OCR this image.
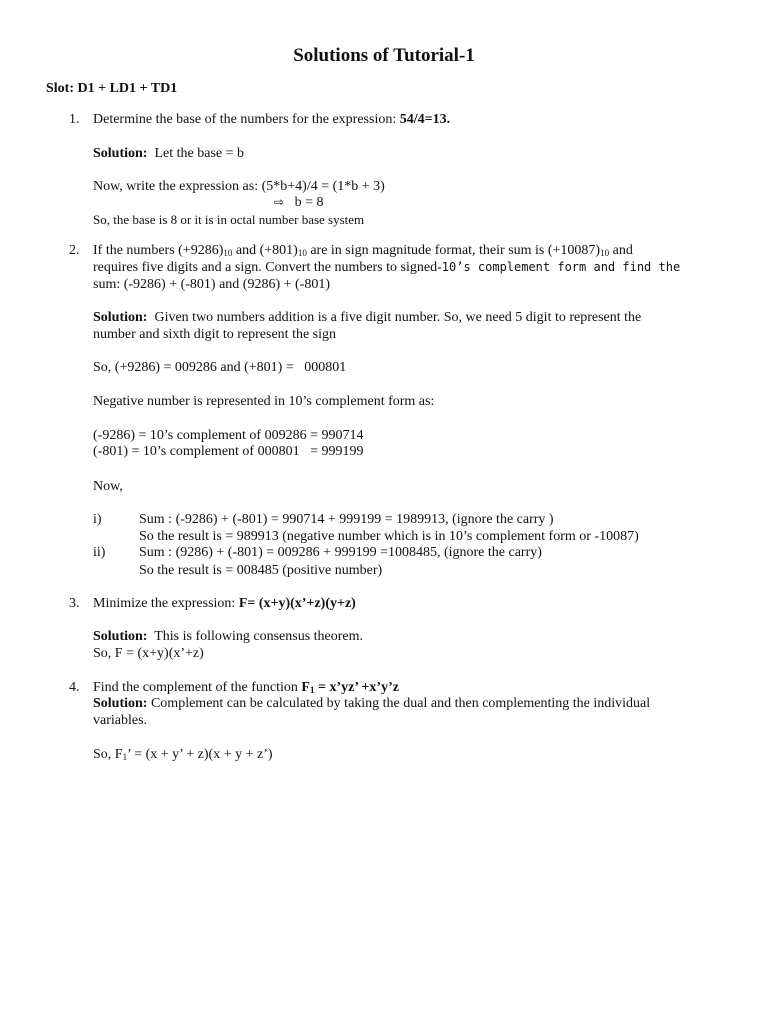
Solutions of Tutorial-1
Slot: D1 + LD1 + TD1
1. Determine the base of the numbers for the expression: 54/4=13.
Solution: Let the base = b
Now, write the expression as: (5*b+4)/4 = (1*b + 3)
⇨ b = 8
So, the base is 8 or it is in octal number base system
2. If the numbers $(+9286)_{10}$ and $(+801)_{10}$ are in sign magnitude format, their sum is $(+10087)_{10}$ and
requires five digits and a sign. Convert the numbers to signed-10’s complement form and find the
sum: (-9286) + (-801) and (9286) + (-801)
Solution: Given two numbers addition is a five digit number. So, we need 5 digit to represent the
number and sixth digit to represent the sign
So, (+9286) = 009286 and (+801) =   000801
Negative number is represented in 10’s complement form as:
(-9286) = 10’s complement of 009286 = 990714
(-801) = 10’s complement of 000801   = 999199
Now,
i)	Sum : (-9286) + (-801) = 990714 + 999199 = 1989913, (ignore the carry )
So the result is = 989913 (negative number which is in 10’s complement form or -10087)
ii) Sum : (9286) + (-801) = 009286 + 999199 =1008485, (ignore the carry)
So the result is = 008485 (positive number)
3. Minimize the expression: F= (x+y)(x’+z)(y+z)
Solution: This is following consensus theorem.
So, F = (x+y)(x’+z)
4. Find the complement of the function $F_1$ = x’yz’ +x’y’z
Solution: Complement can be calculated by taking the dual and then complementing the individual
variables.
So, $F_1$’ = (x + y’ + z)(x + y + z’)
